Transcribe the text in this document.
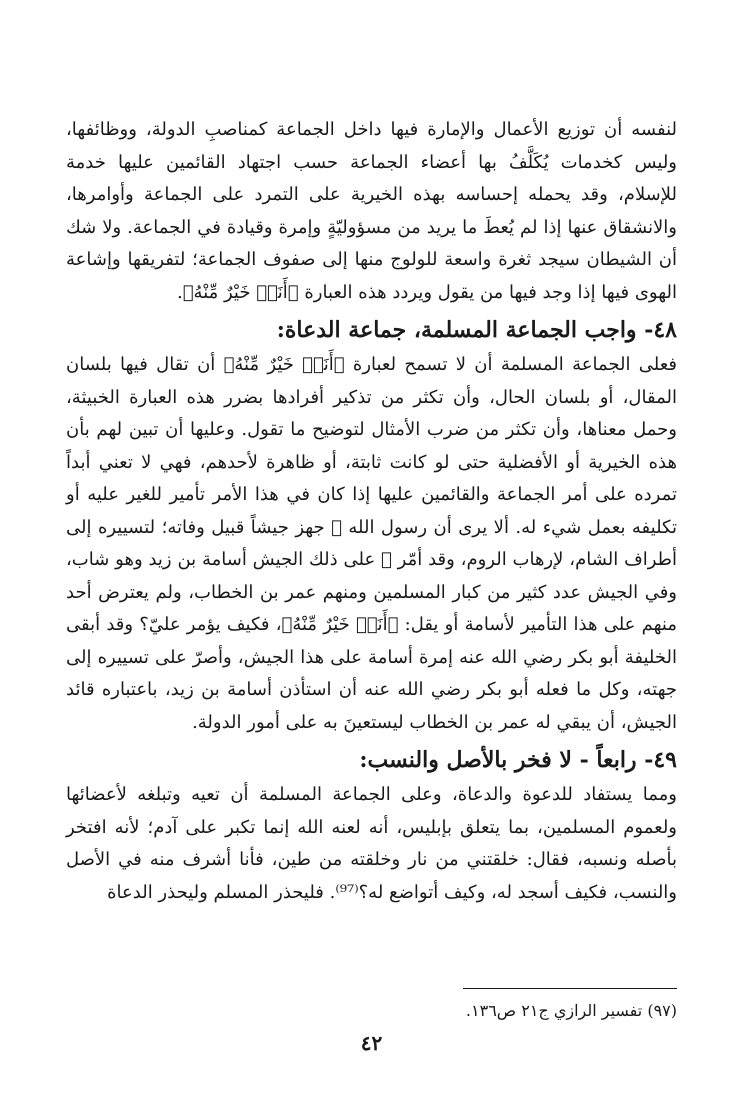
لنفسه أن توزيع الأعمال والإمارة فيها داخل الجماعة كمناصبِ الدولة، ووظائفها، وليس كخدمات يُكَلَّفُ بها أعضاء الجماعة حسب اجتهاد القائمين عليها خدمة للإسلام، وقد يحمله إحساسه بهذه الخيرية على التمرد على الجماعة وأوامرها، والانشقاق عنها إذا لم يُعطَ ما يريد من مسؤوليّةٍ وإمرة وقيادة في الجماعة. ولا شك أن الشيطان سيجد ثغرة واسعة للولوج منها إلى صفوف الجماعة؛ لتفريقها وإشاعة الهوى فيها إذا وجد فيها من يقول ويردد هذه العبارة ﴿أَنَا۠ خَيْرٌ مِّنْهُ﴾.

٤٨- واجب الجماعة المسلمة، جماعة الدعاة:

فعلى الجماعة المسلمة أن لا تسمح لعبارة ﴿أَنَا۠ خَيْرٌ مِّنْهُ﴾ أن تقال فيها بلسان المقال، أو بلسان الحال، وأن تكثر من تذكير أفرادها بضرر هذه العبارة الخبيثة، وحمل معناها، وأن تكثر من ضرب الأمثال لتوضيح ما تقول. وعليها أن تبين لهم بأن هذه الخيرية أو الأفضلية حتى لو كانت ثابتة، أو ظاهرة لأحدهم، فهي لا تعني أبداً تمرده على أمر الجماعة والقائمين عليها إذا كان في هذا الأمر تأمير للغير عليه أو تكليفه بعمل شيء له. ألا يرى أن رسول الله ﷺ جهز جيشاً قبيل وفاته؛ لتسييره إلى أطراف الشام، لإرهاب الروم، وقد أمّر ﷺ على ذلك الجيش أسامة بن زيد وهو شاب، وفي الجيش عدد كثير من كبار المسلمين ومنهم عمر بن الخطاب، ولم يعترض أحد منهم على هذا التأمير لأسامة أو يقل: ﴿أَنَا۠ خَيْرٌ مِّنْهُ﴾، فكيف يؤمر عليّ؟ وقد أبقى الخليفة أبو بكر رضي الله عنه إمرة أسامة على هذا الجيش، وأصرّ على تسييره إلى جهته، وكل ما فعله أبو بكر رضي الله عنه أن استأذن أسامة بن زيد، باعتباره قائد الجيش، أن يبقي له عمر بن الخطاب ليستعينَ به على أمور الدولة.

٤٩- رابعاً - لا فخر بالأصل والنسب:

ومما يستفاد للدعوة والدعاة، وعلى الجماعة المسلمة أن تعيه وتبلغه لأعضائها ولعموم المسلمين، بما يتعلق بإبليس، أنه لعنه الله إنما تكبر على آدم؛ لأنه افتخر بأصله ونسبه، فقال: خلقتني من نار وخلقته من طين، فأنا أشرف منه في الأصل والنسب، فكيف أسجد له، وكيف أتواضع له؟⁽⁹⁷⁾. فليحذر المسلم وليحذر الدعاة

(٩٧) تفسير الرازي ج٢١ ص١٣٦.

٤٢
